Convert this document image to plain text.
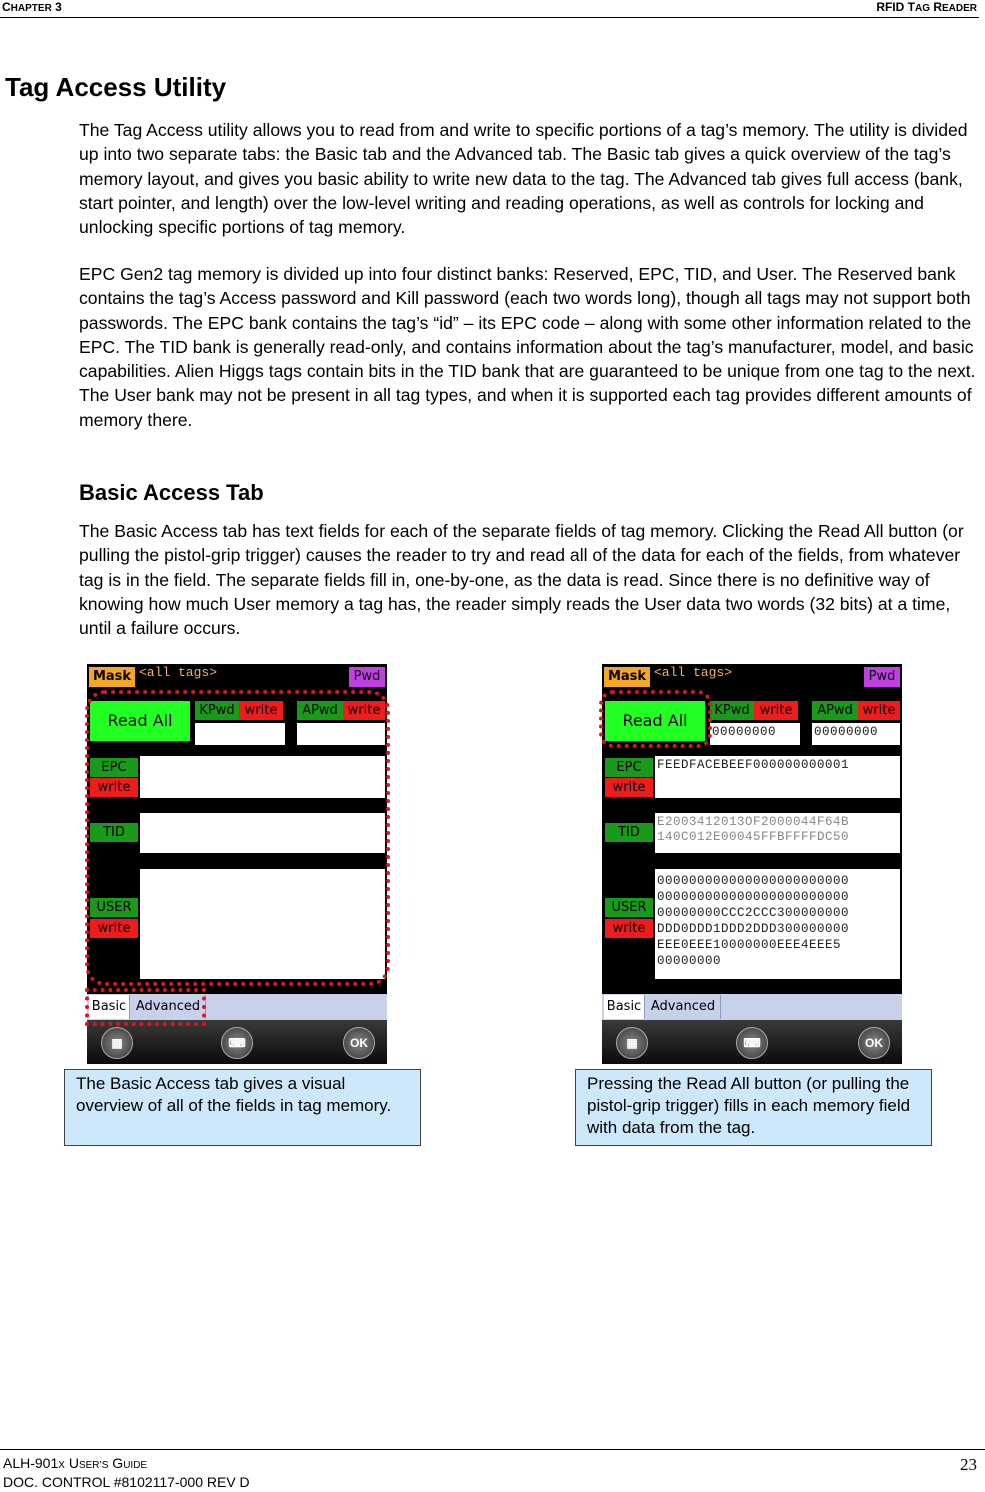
CHAPTER 3	RFID TAG READER
Tag Access Utility

The Tag Access utility allows you to read from and write to specific portions of a tag’s memory. The utility is divided up into two separate tabs: the Basic tab and the Advanced tab. The Basic tab gives a quick overview of the tag’s memory layout, and gives you basic ability to write new data to the tag. The Advanced tab gives full access (bank, start pointer, and length) over the low-level writing and reading operations, as well as controls for locking and unlocking specific portions of tag memory.

EPC Gen2 tag memory is divided up into four distinct banks: Reserved, EPC, TID, and User. The Reserved bank contains the tag’s Access password and Kill password (each two words long), though all tags may not support both passwords. The EPC bank contains the tag’s “id” – its EPC code – along with some other information related to the EPC. The TID bank is generally read-only, and contains information about the tag’s manufacturer, model, and basic capabilities. Alien Higgs tags contain bits in the TID bank that are guaranteed to be unique from one tag to the next. The User bank may not be present in all tag types, and when it is supported each tag provides different amounts of memory there.

Basic Access Tab

The Basic Access tab has text fields for each of the separate fields of tag memory. Clicking the Read All button (or pulling the pistol-grip trigger) causes the reader to try and read all of the data for each of the fields, from whatever tag is in the field. The separate fields fill in, one-by-one, as the data is read. Since there is no definitive way of knowing how much User memory a tag has, the reader simply reads the User data two words (32 bits) at a time, until a failure occurs.

Mask <all tags>	Pwd
Read All
KPwd write	APwd write
EPC
write
TID
USER
write
Basic Advanced
▦	⌨	OK
Mask <all tags>	Pwd
Read All
KPwd write
00000000
APwd write
00000000
EPC
write
FEEDFACEBEEF000000000001
TID
E2003412013OF2000044F64B
140C012E00045FFBFFFFDC50
USER
write
000000000000000000000000
000000000000000000000000
00000000CCC2CCC300000000
DDD0DDD1DDD2DDD300000000
EEE0EEE10000000EEE4EEE5
00000000
Basic Advanced
▦	⌨	OK
The Basic Access tab gives a visual overview of all of the fields in tag memory.
Pressing the Read All button (or pulling the pistol-grip trigger) fills in each memory field with data from the tag.
ALH-901X USER’S GUIDE
DOC. CONTROL #8102117-000 REV D
23
